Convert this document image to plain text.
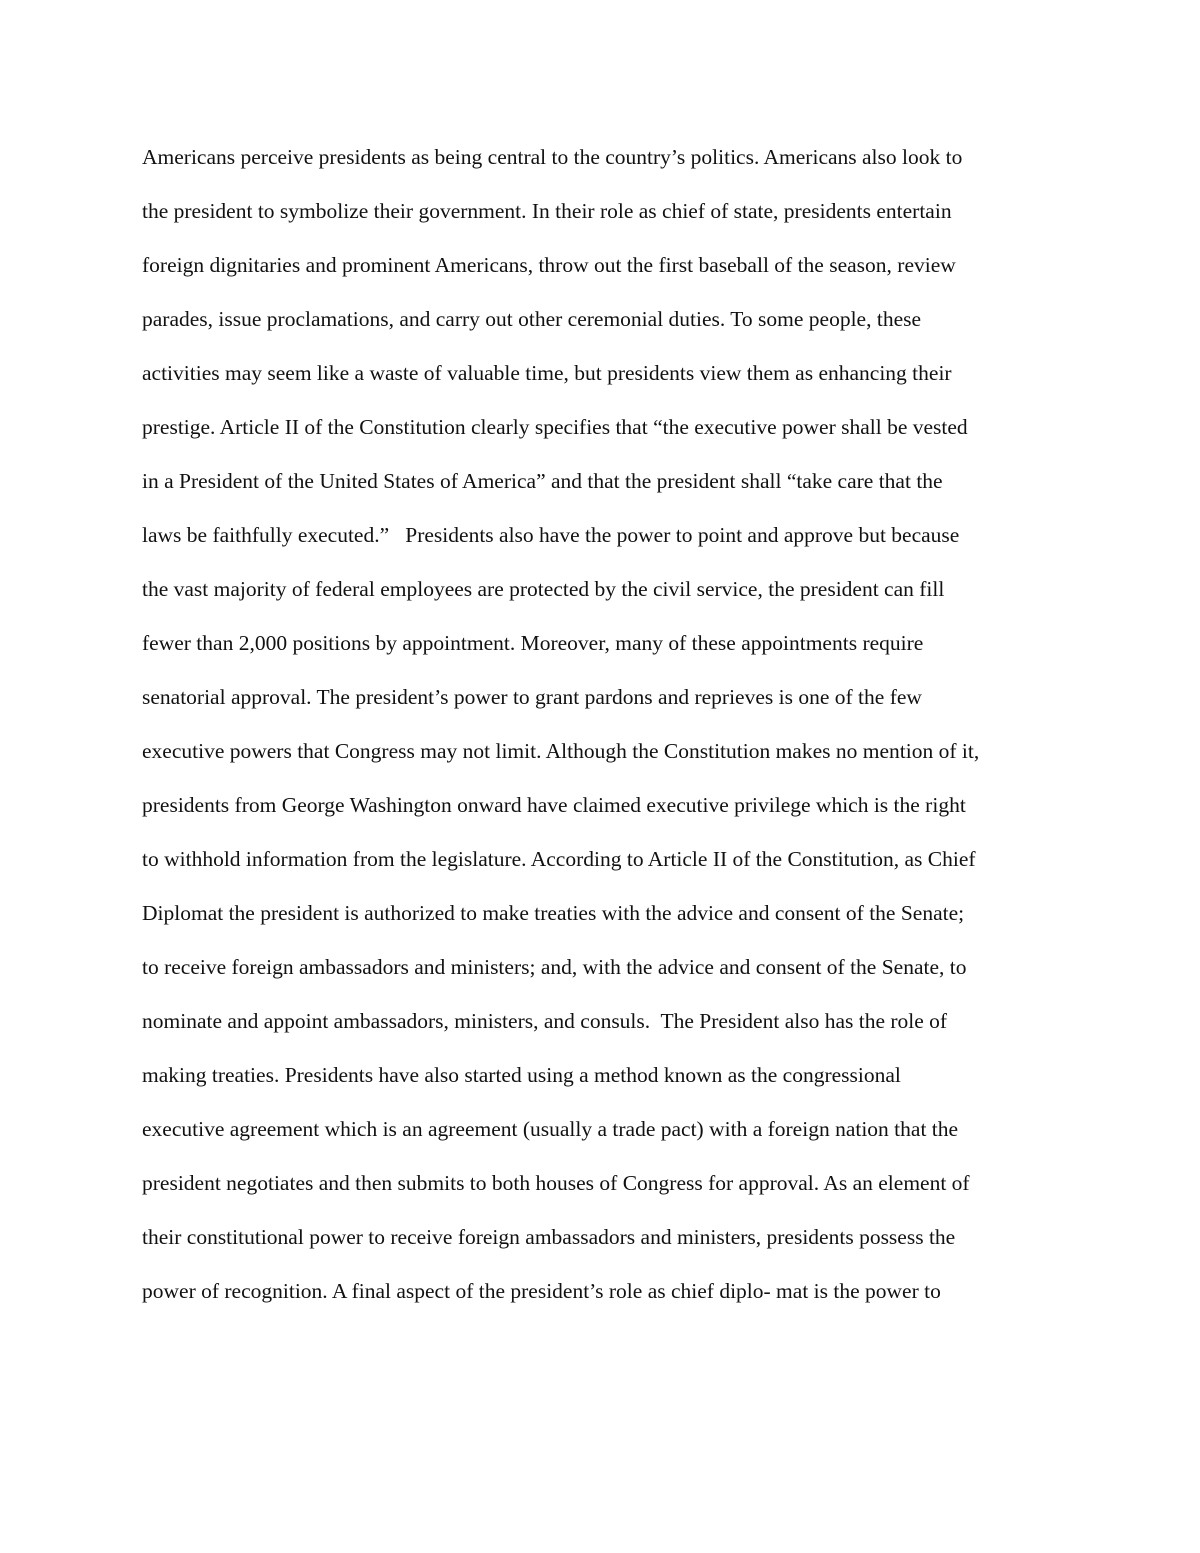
Americans perceive presidents as being central to the country’s politics. Americans also look to
the president to symbolize their government. In their role as chief of state, presidents entertain
foreign dignitaries and prominent Americans, throw out the first baseball of the season, review
parades, issue proclamations, and carry out other ceremonial duties. To some people, these
activities may seem like a waste of valuable time, but presidents view them as enhancing their
prestige. Article II of the Constitution clearly specifies that “the executive power shall be vested
in a President of the United States of America” and that the president shall “take care that the
laws be faithfully executed.”   Presidents also have the power to point and approve but because
the vast majority of federal employees are protected by the civil service, the president can fill
fewer than 2,000 positions by appointment. Moreover, many of these appointments require
senatorial approval. The president’s power to grant pardons and reprieves is one of the few
executive powers that Congress may not limit. Although the Constitution makes no mention of it,
presidents from George Washington onward have claimed executive privilege which is the right
to withhold information from the legislature. According to Article II of the Constitution, as Chief
Diplomat the president is authorized to make treaties with the advice and consent of the Senate;
to receive foreign ambassadors and ministers; and, with the advice and consent of the Senate, to
nominate and appoint ambassadors, ministers, and consuls.  The President also has the role of
making treaties. Presidents have also started using a method known as the congressional
executive agreement which is an agreement (usually a trade pact) with a foreign nation that the
president negotiates and then submits to both houses of Congress for approval. As an element of
their constitutional power to receive foreign ambassadors and ministers, presidents possess the
power of recognition. A final aspect of the president’s role as chief diplo- mat is the power to
